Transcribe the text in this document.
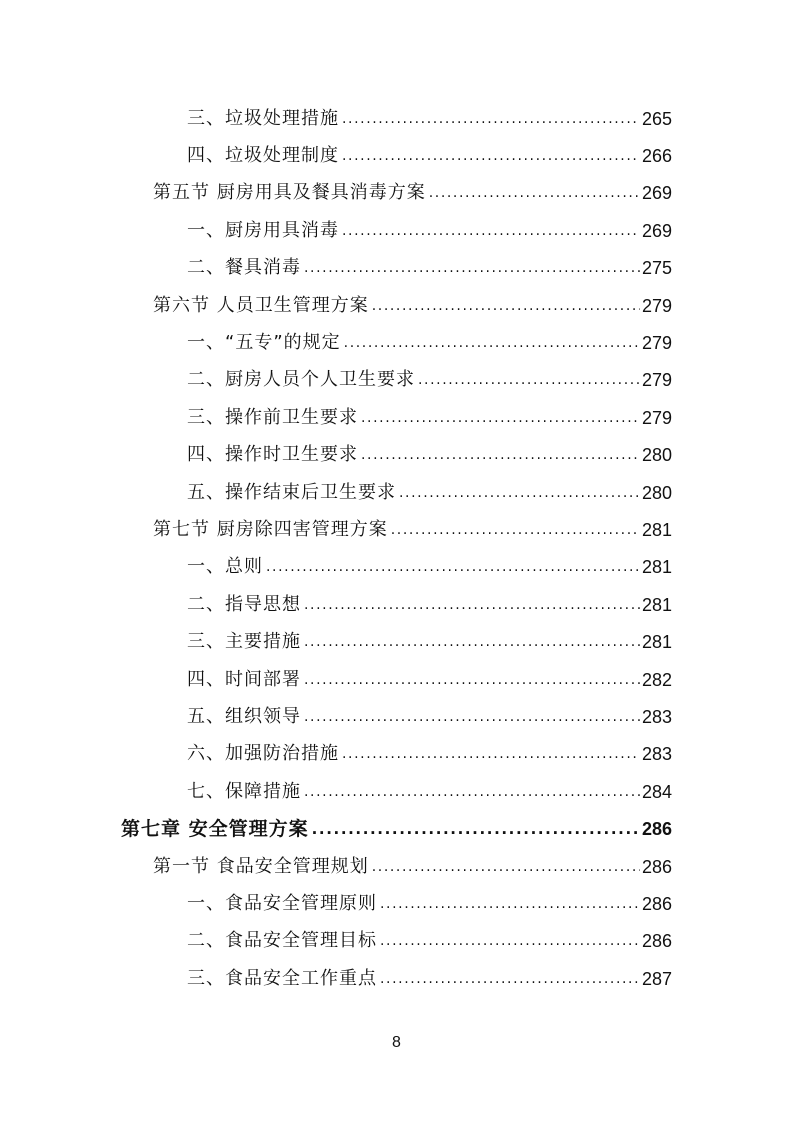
三、垃圾处理措施 .....	265
四、垃圾处理制度 .....	266
第五节 厨房用具及餐具消毒方案 .....	269
一、厨房用具消毒 .....	269
二、餐具消毒 .....	275
第六节 人员卫生管理方案 .....	279
一、“五专”的规定 .....	279
二、厨房人员个人卫生要求 .....	279
三、操作前卫生要求 .....	279
四、操作时卫生要求 .....	280
五、操作结束后卫生要求 .....	280
第七节 厨房除四害管理方案 .....	281
一、总则 .....	281
二、指导思想 .....	281
三、主要措施 .....	281
四、时间部署 .....	282
五、组织领导 .....	283
六、加强防治措施 .....	283
七、保障措施 .....	284
第七章 安全管理方案 .....	286
第一节 食品安全管理规划 .....	286
一、食品安全管理原则 .....	286
二、食品安全管理目标 .....	286
三、食品安全工作重点 .....	287
8
